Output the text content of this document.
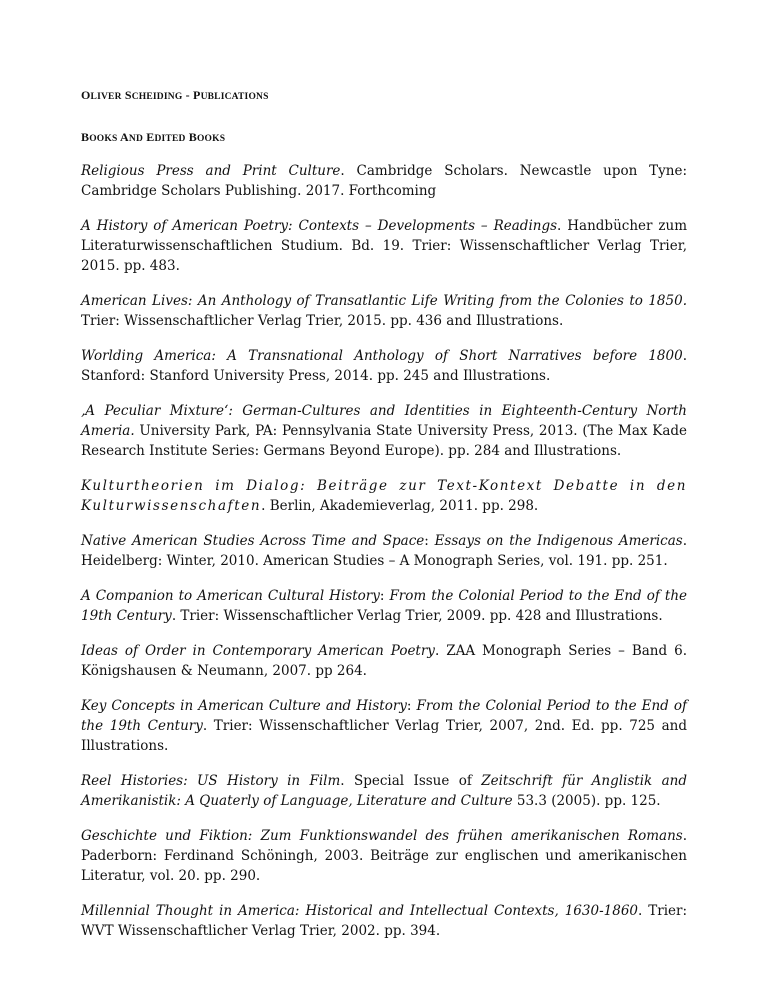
OLIVER SCHEIDING - PUBLICATIONS
BOOKS AND EDITED BOOKS

Religious Press and Print Culture. Cambridge Scholars. Newcastle upon Tyne: Cambridge Scholars Publishing. 2017. Forthcoming

A History of American Poetry: Contexts – Developments – Readings. Handbücher zum Literaturwissenschaftlichen Studium. Bd. 19. Trier: Wissenschaftlicher Verlag Trier, 2015. pp. 483.

American Lives: An Anthology of Transatlantic Life Writing from the Colonies to 1850. Trier: Wissenschaftlicher Verlag Trier, 2015. pp. 436 and Illustrations.

Worlding America: A Transnational Anthology of Short Narratives before 1800. Stanford: Stanford University Press, 2014. pp. 245 and Illustrations.

‚A Peculiar Mixture‘: German-Cultures and Identities in Eighteenth-Century North Ameria. University Park, PA: Pennsylvania State University Press, 2013. (The Max Kade Research Institute Series: Germans Beyond Europe). pp. 284 and Illustrations.

Kulturtheorien im Dialog: Beiträge zur Text-Kontext Debatte in den Kulturwissenschaften. Berlin, Akademieverlag, 2011. pp. 298.

Native American Studies Across Time and Space: Essays on the Indigenous Americas. Heidelberg: Winter, 2010. American Studies – A Monograph Series, vol. 191. pp. 251.

A Companion to American Cultural History: From the Colonial Period to the End of the 19th Century. Trier: Wissenschaftlicher Verlag Trier, 2009. pp. 428 and Illustrations.

Ideas of Order in Contemporary American Poetry. ZAA Monograph Series – Band 6. Königshausen & Neumann, 2007. pp 264.

Key Concepts in American Culture and History: From the Colonial Period to the End of the 19th Century. Trier: Wissenschaftlicher Verlag Trier, 2007, 2nd. Ed. pp. 725 and Illustrations.

Reel Histories: US History in Film. Special Issue of Zeitschrift für Anglistik and Amerikanistik: A Quaterly of Language, Literature and Culture 53.3 (2005). pp. 125.

Geschichte und Fiktion: Zum Funktionswandel des frühen amerikanischen Romans. Paderborn: Ferdinand Schöningh, 2003. Beiträge zur englischen und amerikanischen Literatur, vol. 20. pp. 290.

Millennial Thought in America: Historical and Intellectual Contexts, 1630-1860. Trier: WVT Wissenschaftlicher Verlag Trier, 2002. pp. 394.
